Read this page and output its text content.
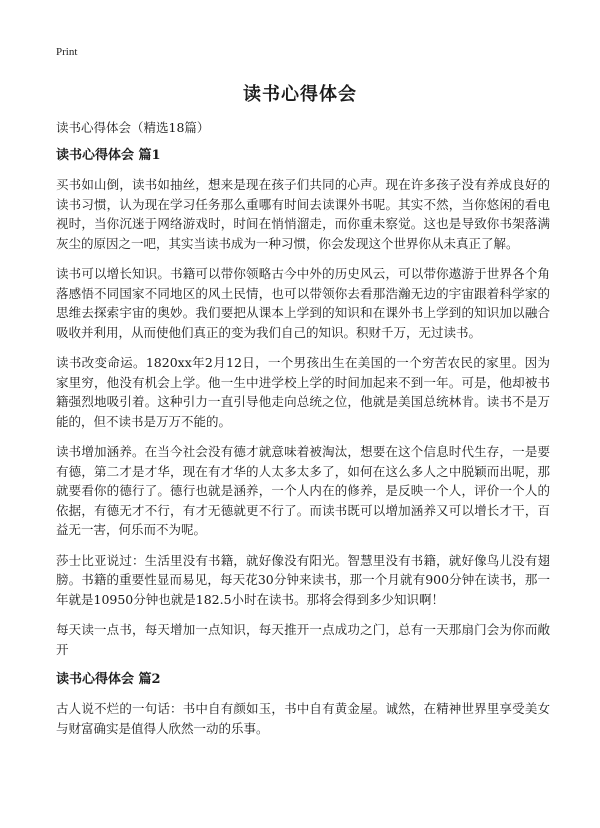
Print
读书心得体会

读书心得体会（精选18篇）

读书心得体会 篇1

买书如山倒，读书如抽丝，想来是现在孩子们共同的心声。现在许多孩子没有养成良好的读书习惯，认为现在学习任务那么重哪有时间去读课外书呢。其实不然，当你悠闲的看电视时，当你沉迷于网络游戏时，时间在悄悄溜走，而你重未察觉。这也是导致你书架落满灰尘的原因之一吧，其实当读书成为一种习惯，你会发现这个世界你从未真正了解。

读书可以增长知识。书籍可以带你领略古今中外的历史风云，可以带你遨游于世界各个角落感悟不同国家不同地区的风土民情，也可以带领你去看那浩瀚无边的宇宙跟着科学家的思维去探索宇宙的奥妙。我们要把从课本上学到的知识和在课外书上学到的知识加以融合吸收并利用，从而使他们真正的变为我们自己的知识。积财千万，无过读书。

读书改变命运。1820xx年2月12日，一个男孩出生在美国的一个穷苦农民的家里。因为家里穷，他没有机会上学。他一生中进学校上学的时间加起来不到一年。可是，他却被书籍强烈地吸引着。这种引力一直引导他走向总统之位，他就是美国总统林肯。读书不是万能的，但不读书是万万不能的。

读书增加涵养。在当今社会没有德才就意味着被淘汰，想要在这个信息时代生存，一是要有德，第二才是才华，现在有才华的人太多太多了，如何在这么多人之中脱颖而出呢，那就要看你的德行了。德行也就是涵养，一个人内在的修养，是反映一个人，评价一个人的依据，有德无才不行，有才无德就更不行了。而读书既可以增加涵养又可以增长才干，百益无一害，何乐而不为呢。

莎士比亚说过：生活里没有书籍，就好像没有阳光。智慧里没有书籍，就好像鸟儿没有翅膀。书籍的重要性显而易见，每天花30分钟来读书，那一个月就有900分钟在读书，那一年就是10950分钟也就是182.5小时在读书。那将会得到多少知识啊！

每天读一点书，每天增加一点知识，每天推开一点成功之门，总有一天那扇门会为你而敞开

读书心得体会 篇2

古人说不烂的一句话：书中自有颜如玉，书中自有黄金屋。诚然，在精神世界里享受美女与财富确实是值得人欣然一动的乐事。
